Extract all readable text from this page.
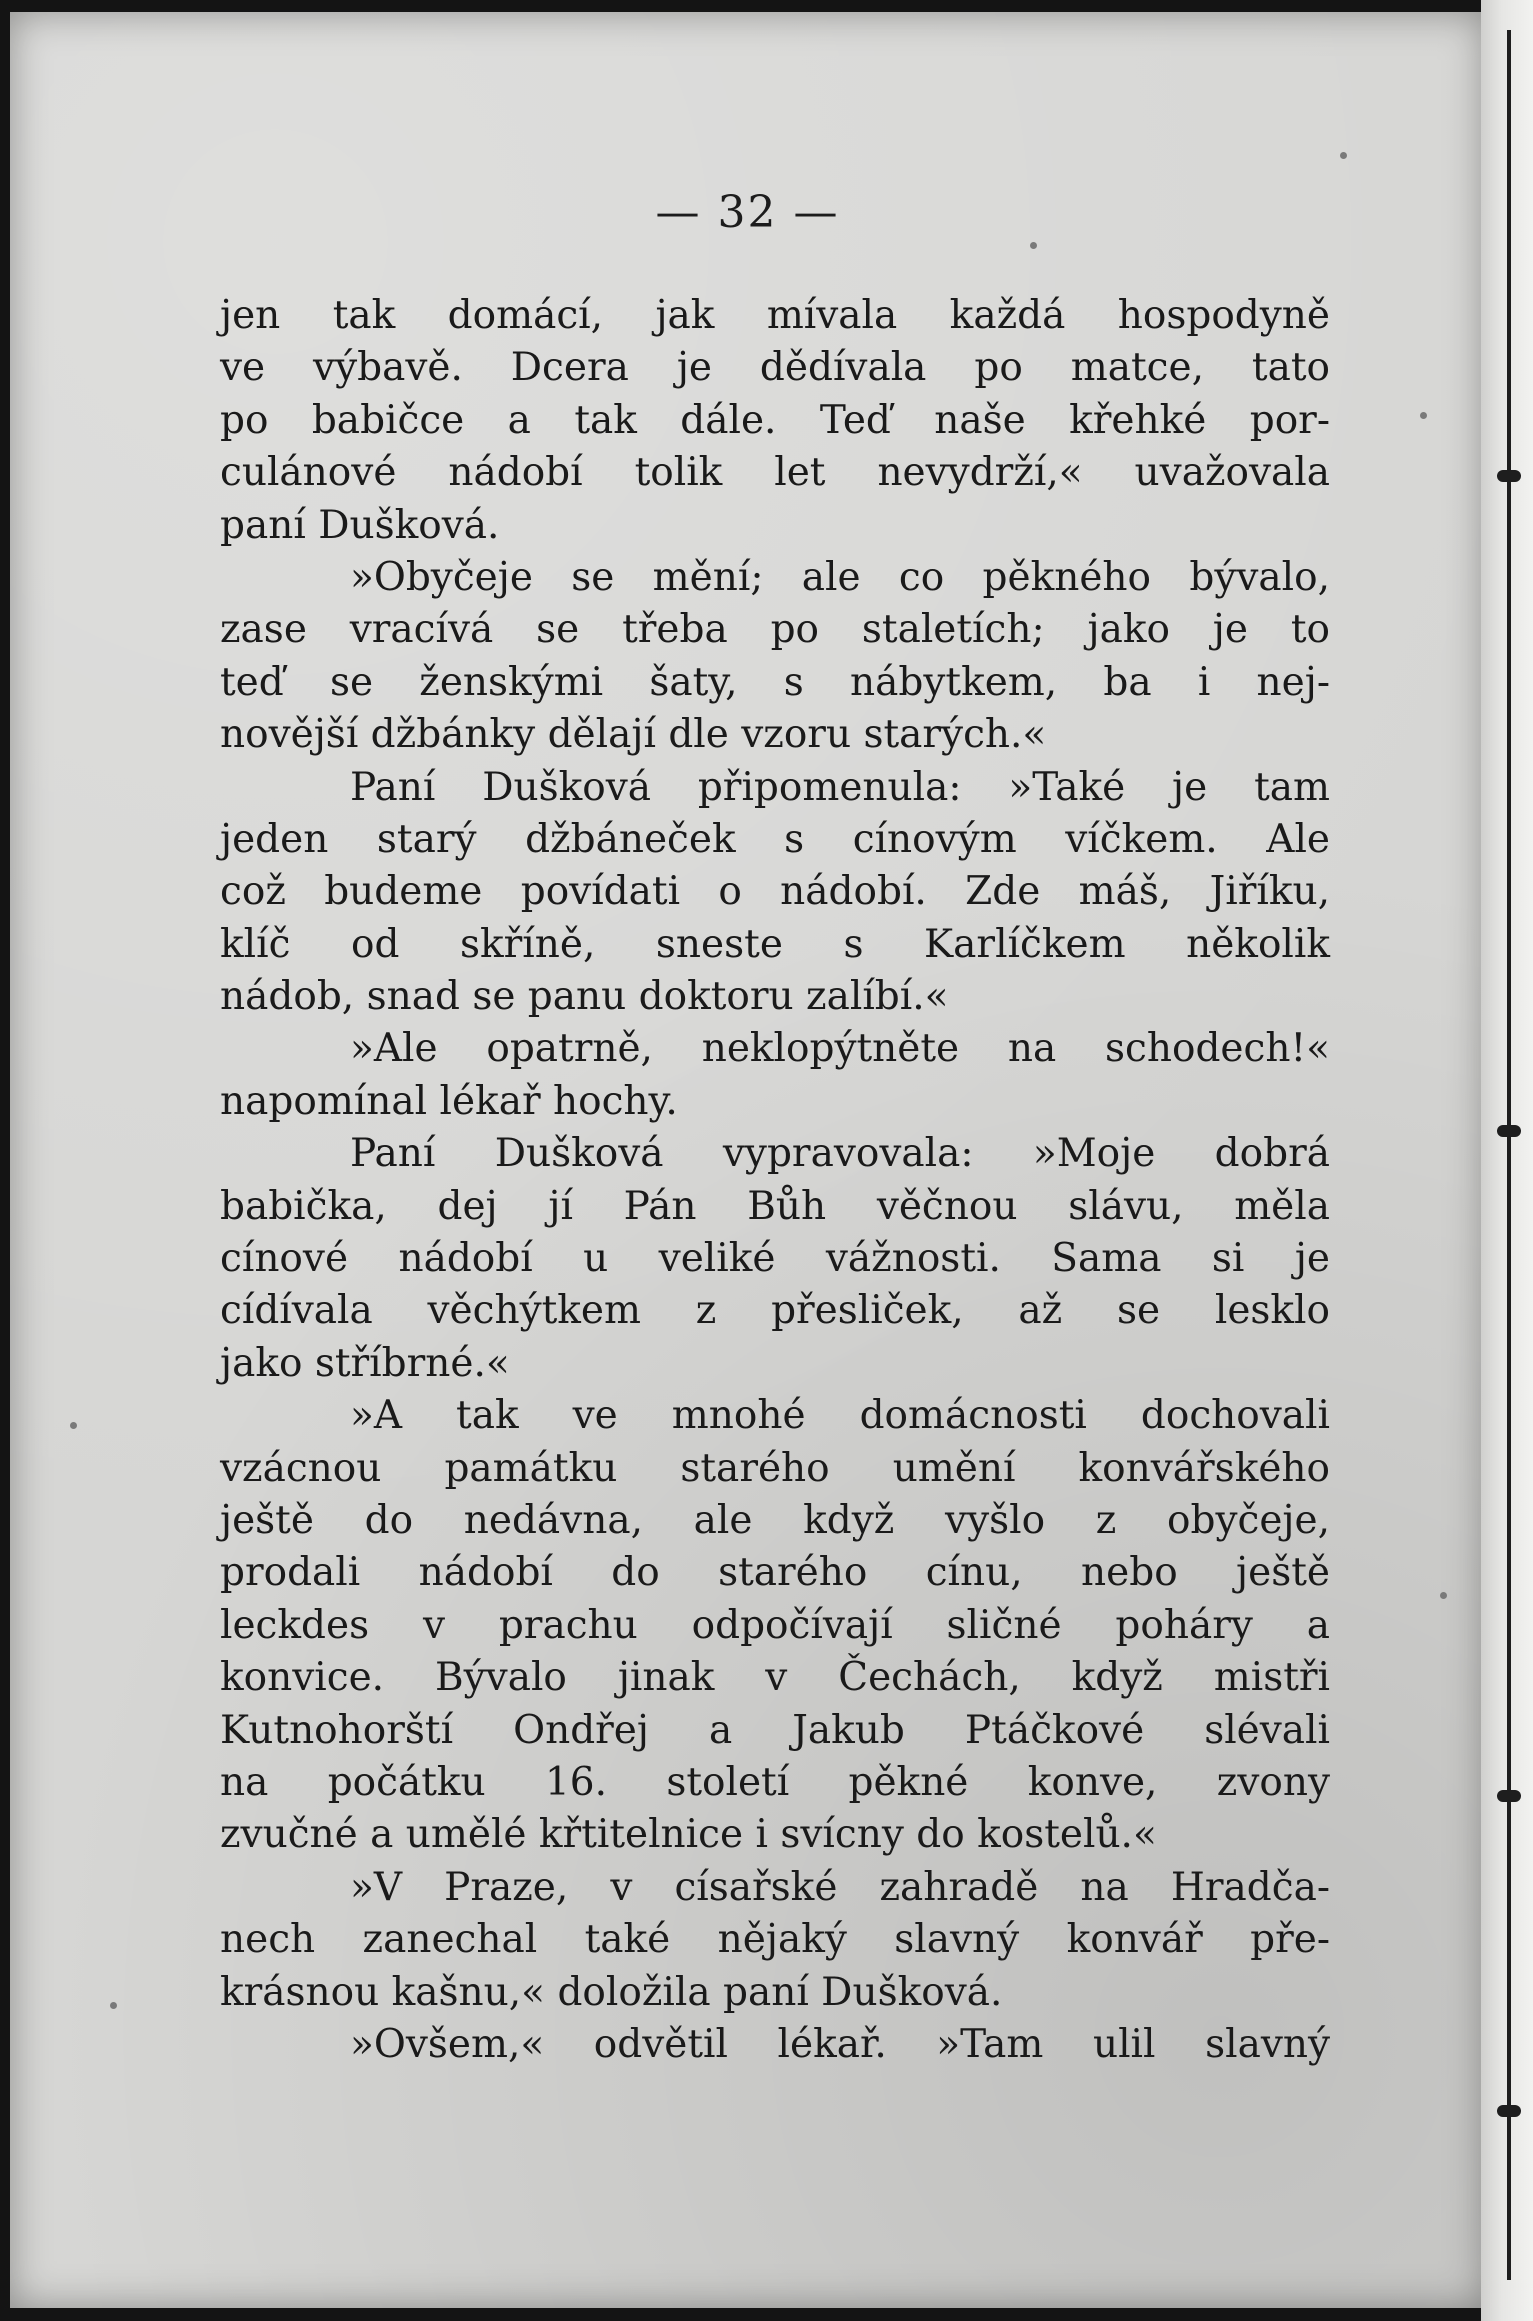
— 32 —
jen tak domácí, jak mívala každá hospodyně
ve výbavě. Dcera je dědívala po matce, tato
po babičce a tak dále. Teď naše křehké por-
culánové nádobí tolik let nevydrží,« uvažovala
paní Dušková.
»Obyčeje se mění; ale co pěkného bývalo,
zase vracívá se třeba po staletích; jako je to
teď se ženskými šaty, s nábytkem, ba i nej-
novější džbánky dělají dle vzoru starých.«
Paní Dušková připomenula: »Také je tam
jeden starý džbáneček s cínovým víčkem. Ale
což budeme povídati o nádobí. Zde máš, Jiříku,
klíč od skříně, sneste s Karlíčkem několik
nádob, snad se panu doktoru zalíbí.«
»Ale opatrně, neklopýtněte na schodech!«
napomínal lékař hochy.
Paní Dušková vypravovala: »Moje dobrá
babička, dej jí Pán Bůh věčnou slávu, měla
cínové nádobí u veliké vážnosti. Sama si je
cídívala věchýtkem z přesliček, až se lesklo
jako stříbrné.«
»A tak ve mnohé domácnosti dochovali
vzácnou památku starého umění konvářského
ještě do nedávna, ale když vyšlo z obyčeje,
prodali nádobí do starého cínu, nebo ještě
leckdes v prachu odpočívají sličné poháry a
konvice. Bývalo jinak v Čechách, když mistři
Kutnohorští Ondřej a Jakub Ptáčkové slévali
na počátku 16. století pěkné konve, zvony
zvučné a umělé křtitelnice i svícny do kostelů.«
»V Praze, v císařské zahradě na Hradča-
nech zanechal také nějaký slavný konvář pře-
krásnou kašnu,« doložila paní Dušková.
»Ovšem,« odvětil lékař. »Tam ulil slavný
